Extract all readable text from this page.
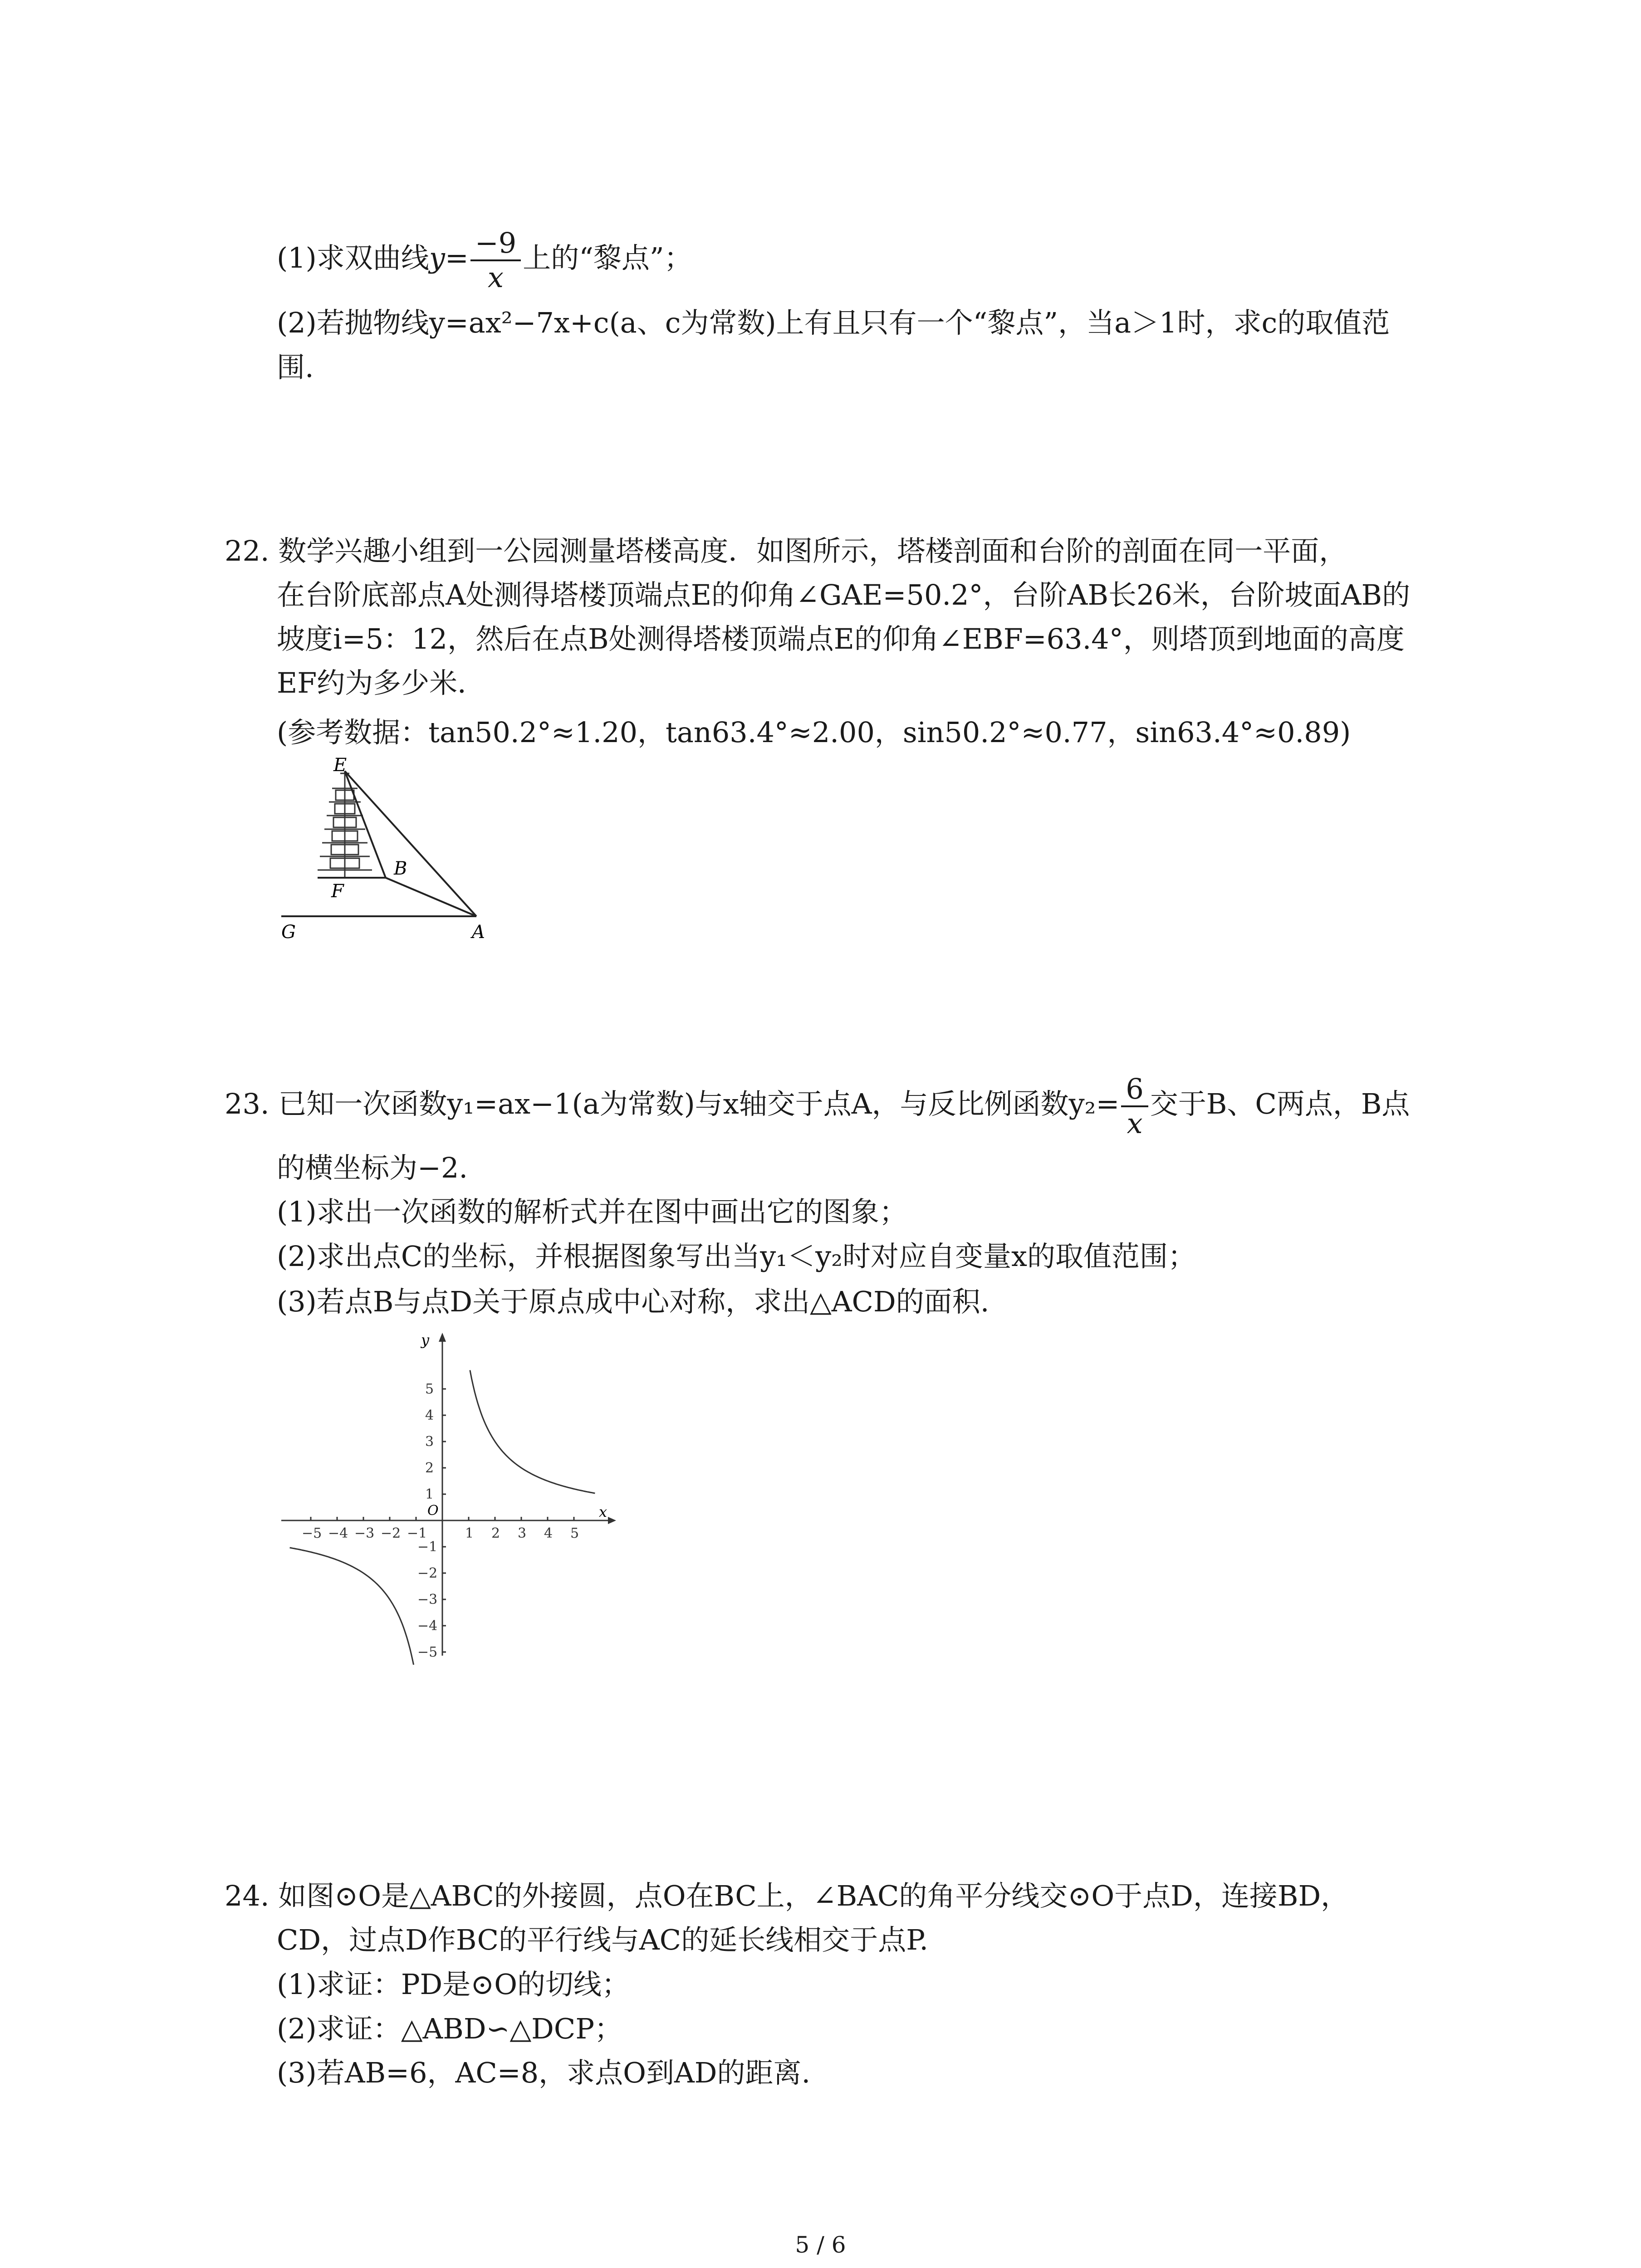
(1)求双曲线$y= \frac{-9}{x}$ 上的“黎点”；
(2)若抛物线y=ax²−7x+c(a、c为常数)上有且只有一个“黎点”，当a＞1时，求c的取值范
围.
22. 数学兴趣小组到一公园测量塔楼高度．如图所示，塔楼剖面和台阶的剖面在同一平面，
在台阶底部点A处测得塔楼顶端点E的仰角∠GAE=50.2°，台阶AB长26米，台阶坡面AB的
坡度i=5：12，然后在点B处测得塔楼顶端点E的仰角∠EBF=63.4°，则塔顶到地面的高度
EF约为多少米．
(参考数据：tan50.2°≈1.20，tan63.4°≈2.00，sin50.2°≈0.77，sin63.4°≈0.89)
E
B
F
G	A
23. 已知一次函数y₁=ax−1(a为常数)与x轴交于点A，与反比例函数$y_2= \frac{6}{x}$ 交于B、C两点，B点
的横坐标为−2.
(1)求出一次函数的解析式并在图中画出它的图象；
(2)求出点C的坐标，并根据图象写出当y₁＜y₂时对应自变量x的取值范围；
(3)若点B与点D关于原点成中心对称，求出△ACD的面积.
−5 −4 −3 −2 −1	1 2 3 4 5
1
2
3
4
5
−1
−2
−3
−4
−5
x
y
O
24. 如图⊙O是△ABC的外接圆，点O在BC上，∠BAC的角平分线交⊙O于点D，连接BD，
CD，过点D作BC的平行线与AC的延长线相交于点P.
(1)求证：PD是⊙O的切线；
(2)求证：△ABD∽△DCP；
(3)若AB=6，AC=8，求点O到AD的距离.
5 / 6
